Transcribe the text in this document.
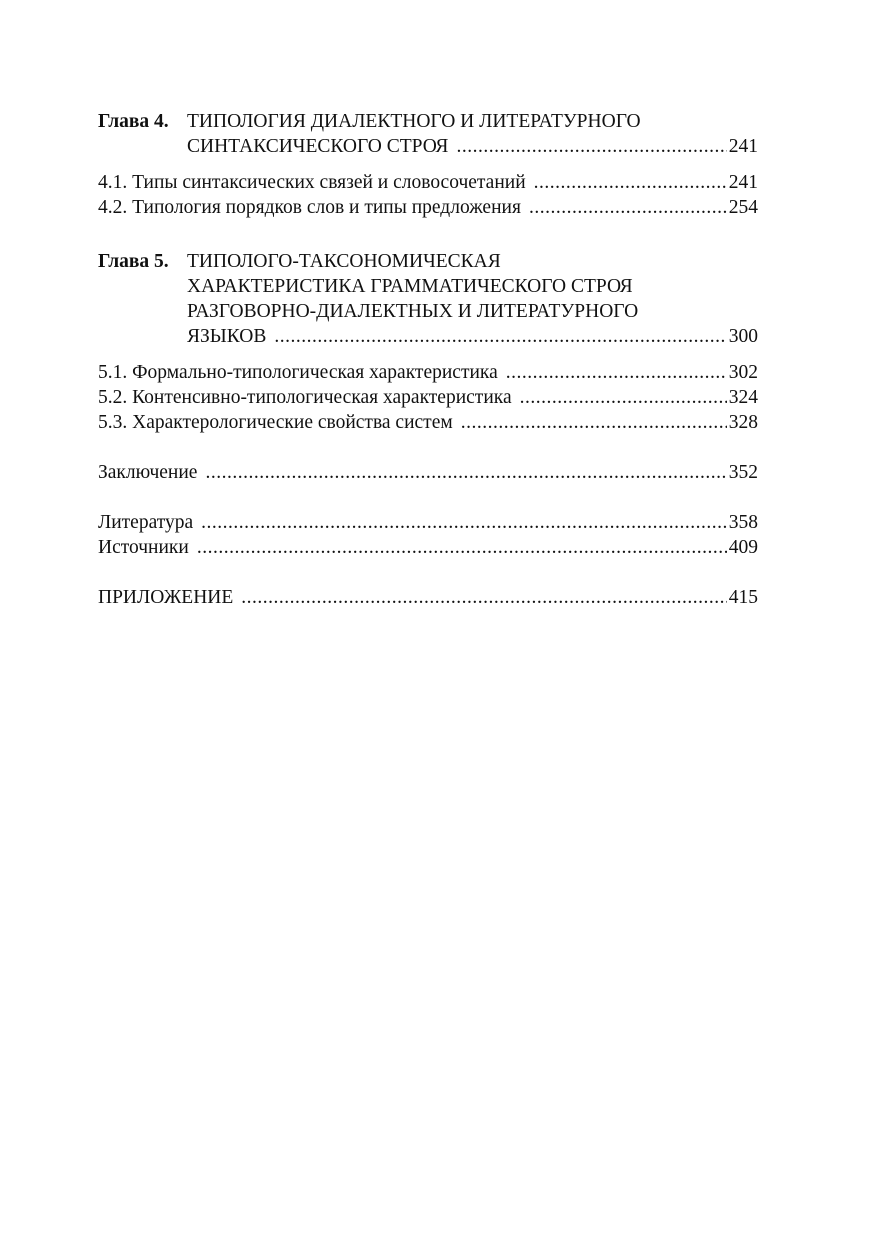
Глава 4. ТИПОЛОГИЯ ДИАЛЕКТНОГО И ЛИТЕРАТУРНОГО
СИНТАКСИЧЕСКОГО СТРОЯ .....	241
4.1. Типы синтаксических связей и словосочетаний .....	241
4.2. Типология порядков слов и типы предложения .....	254
Глава 5. ТИПОЛОГО-ТАКСОНОМИЧЕСКАЯ
ХАРАКТЕРИСТИКА ГРАММАТИЧЕСКОГО СТРОЯ
РАЗГОВОРНО-ДИАЛЕКТНЫХ И ЛИТЕРАТУРНОГО
ЯЗЫКОВ .....	300
5.1. Формально-типологическая характеристика .....	302
5.2. Контенсивно-типологическая характеристика .....	324
5.3. Характерологические свойства систем .....	328
Заключение .....	352
Литература .....	358
Источники .....	409
ПРИЛОЖЕНИЕ .....	415
